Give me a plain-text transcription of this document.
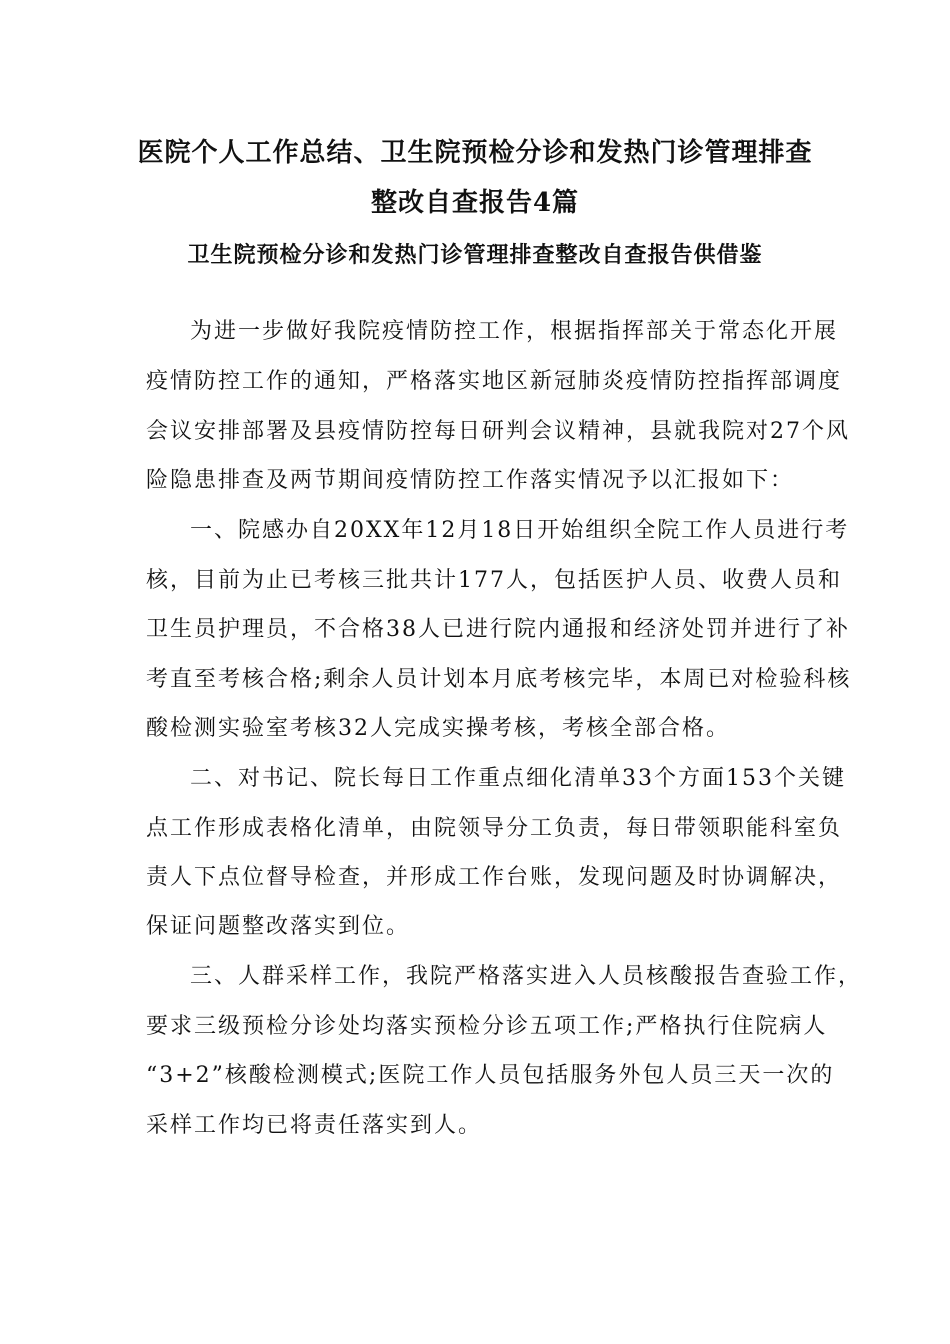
医院个人工作总结、卫生院预检分诊和发热门诊管理排查
整改自查报告4篇
卫生院预检分诊和发热门诊管理排查整改自查报告供借鉴
为进一步做好我院疫情防控工作，根据指挥部关于常态化开展
疫情防控工作的通知，严格落实地区新冠肺炎疫情防控指挥部调度
会议安排部署及县疫情防控每日研判会议精神，县就我院对27个风
险隐患排查及两节期间疫情防控工作落实情况予以汇报如下：
一、院感办自20XX年12月18日开始组织全院工作人员进行考
核，目前为止已考核三批共计177人，包括医护人员、收费人员和
卫生员护理员，不合格38人已进行院内通报和经济处罚并进行了补
考直至考核合格;剩余人员计划本月底考核完毕，本周已对检验科核
酸检测实验室考核32人完成实操考核，考核全部合格。
二、对书记、院长每日工作重点细化清单33个方面153个关键
点工作形成表格化清单，由院领导分工负责，每日带领职能科室负
责人下点位督导检查，并形成工作台账，发现问题及时协调解决，
保证问题整改落实到位。
三、人群采样工作，我院严格落实进入人员核酸报告查验工作，
要求三级预检分诊处均落实预检分诊五项工作;严格执行住院病人
“3+2”核酸检测模式;医院工作人员包括服务外包人员三天一次的
采样工作均已将责任落实到人。
